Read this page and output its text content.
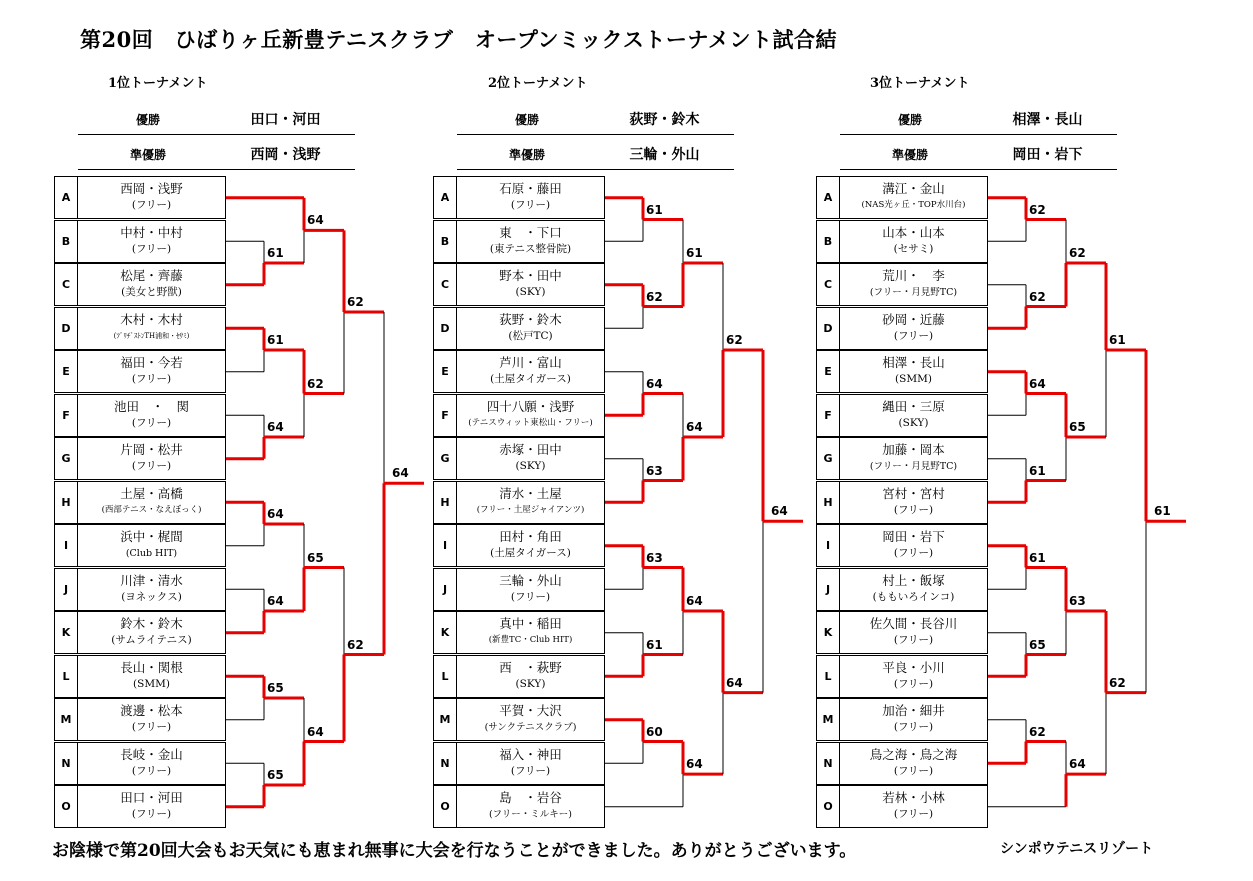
第20回　ひばりヶ丘新豊テニスクラブ　オープンミックストーナメント試合結
お陰様で第20回大会もお天気にも恵まれ無事に大会を行なうことができました。ありがとうございます。	シンポウテニスリゾート
1位トーナメント
優勝	田口・河田
準優勝	西岡・浅野
A
西岡・浅野
(フリー)
B
中村・中村
(フリー)
C
松尾・齊藤
(美女と野獣)
D
木村・木村
(ﾌﾞﾘﾁﾞｽﾄﾝTH浦和・ｾｻﾐ)
E
福田・今若
(フリー)
F
池田　・　関
(フリー)
G
片岡・松井
(フリー)
H
土屋・高橋
(西部テニス・なえぼっく)
I
浜中・梶間
(Club HIT)
J
川津・清水
(ヨネックス)
K
鈴木・鈴木
(サムライテニス)
L
長山・関根
(SMM)
M
渡邊・松本
(フリー)
N
長岐・金山
(フリー)
O
田口・河田
(フリー)
61
61
64
64
64
65
65
64
62
65
64
62
62
64
2位トーナメント
優勝	荻野・鈴木
準優勝	三輪・外山
A
石原・藤田
(フリー)
B
東　・下口
(東テニス整骨院)
C
野本・田中
(SKY)
D
荻野・鈴木
(松戸TC)
E
芦川・富山
(土屋タイガース)
F
四十八願・浅野
(テニスウィット東松山・フリー)
G
赤塚・田中
(SKY)
H
清水・土屋
(フリー・土屋ジャイアンツ)
I
田村・角田
(土屋タイガース)
J
三輪・外山
(フリー)
K
真中・稲田
(新豊TC・Club HIT)
L
西　・萩野
(SKY)
M
平賀・大沢
(サンクテニスクラブ)
N
福入・神田
(フリー)
O
島　・岩谷
(フリー・ミルキー)
61
62
64
63
63
61
60
61
64
64
64
62
64
64
3位トーナメント
優勝	相澤・長山
準優勝	岡田・岩下
A
溝江・金山
(NAS光ヶ丘・TOP水川台)
B
山本・山本
(セサミ)
C
荒川・　李
(フリー・月見野TC)
D
砂岡・近藤
(フリー)
E
相澤・長山
(SMM)
F
縄田・三原
(SKY)
G
加藤・岡本
(フリー・月見野TC)
H
宮村・宮村
(フリー)
I
岡田・岩下
(フリー)
J
村上・飯塚
(ももいろインコ)
K
佐久間・長谷川
(フリー)
L
平良・小川
(フリー)
M
加治・細井
(フリー)
N
鳥之海・鳥之海
(フリー)
O
若林・小林
(フリー)
62
62
64
61
61
65
62
62
65
63
64
61
62
61
